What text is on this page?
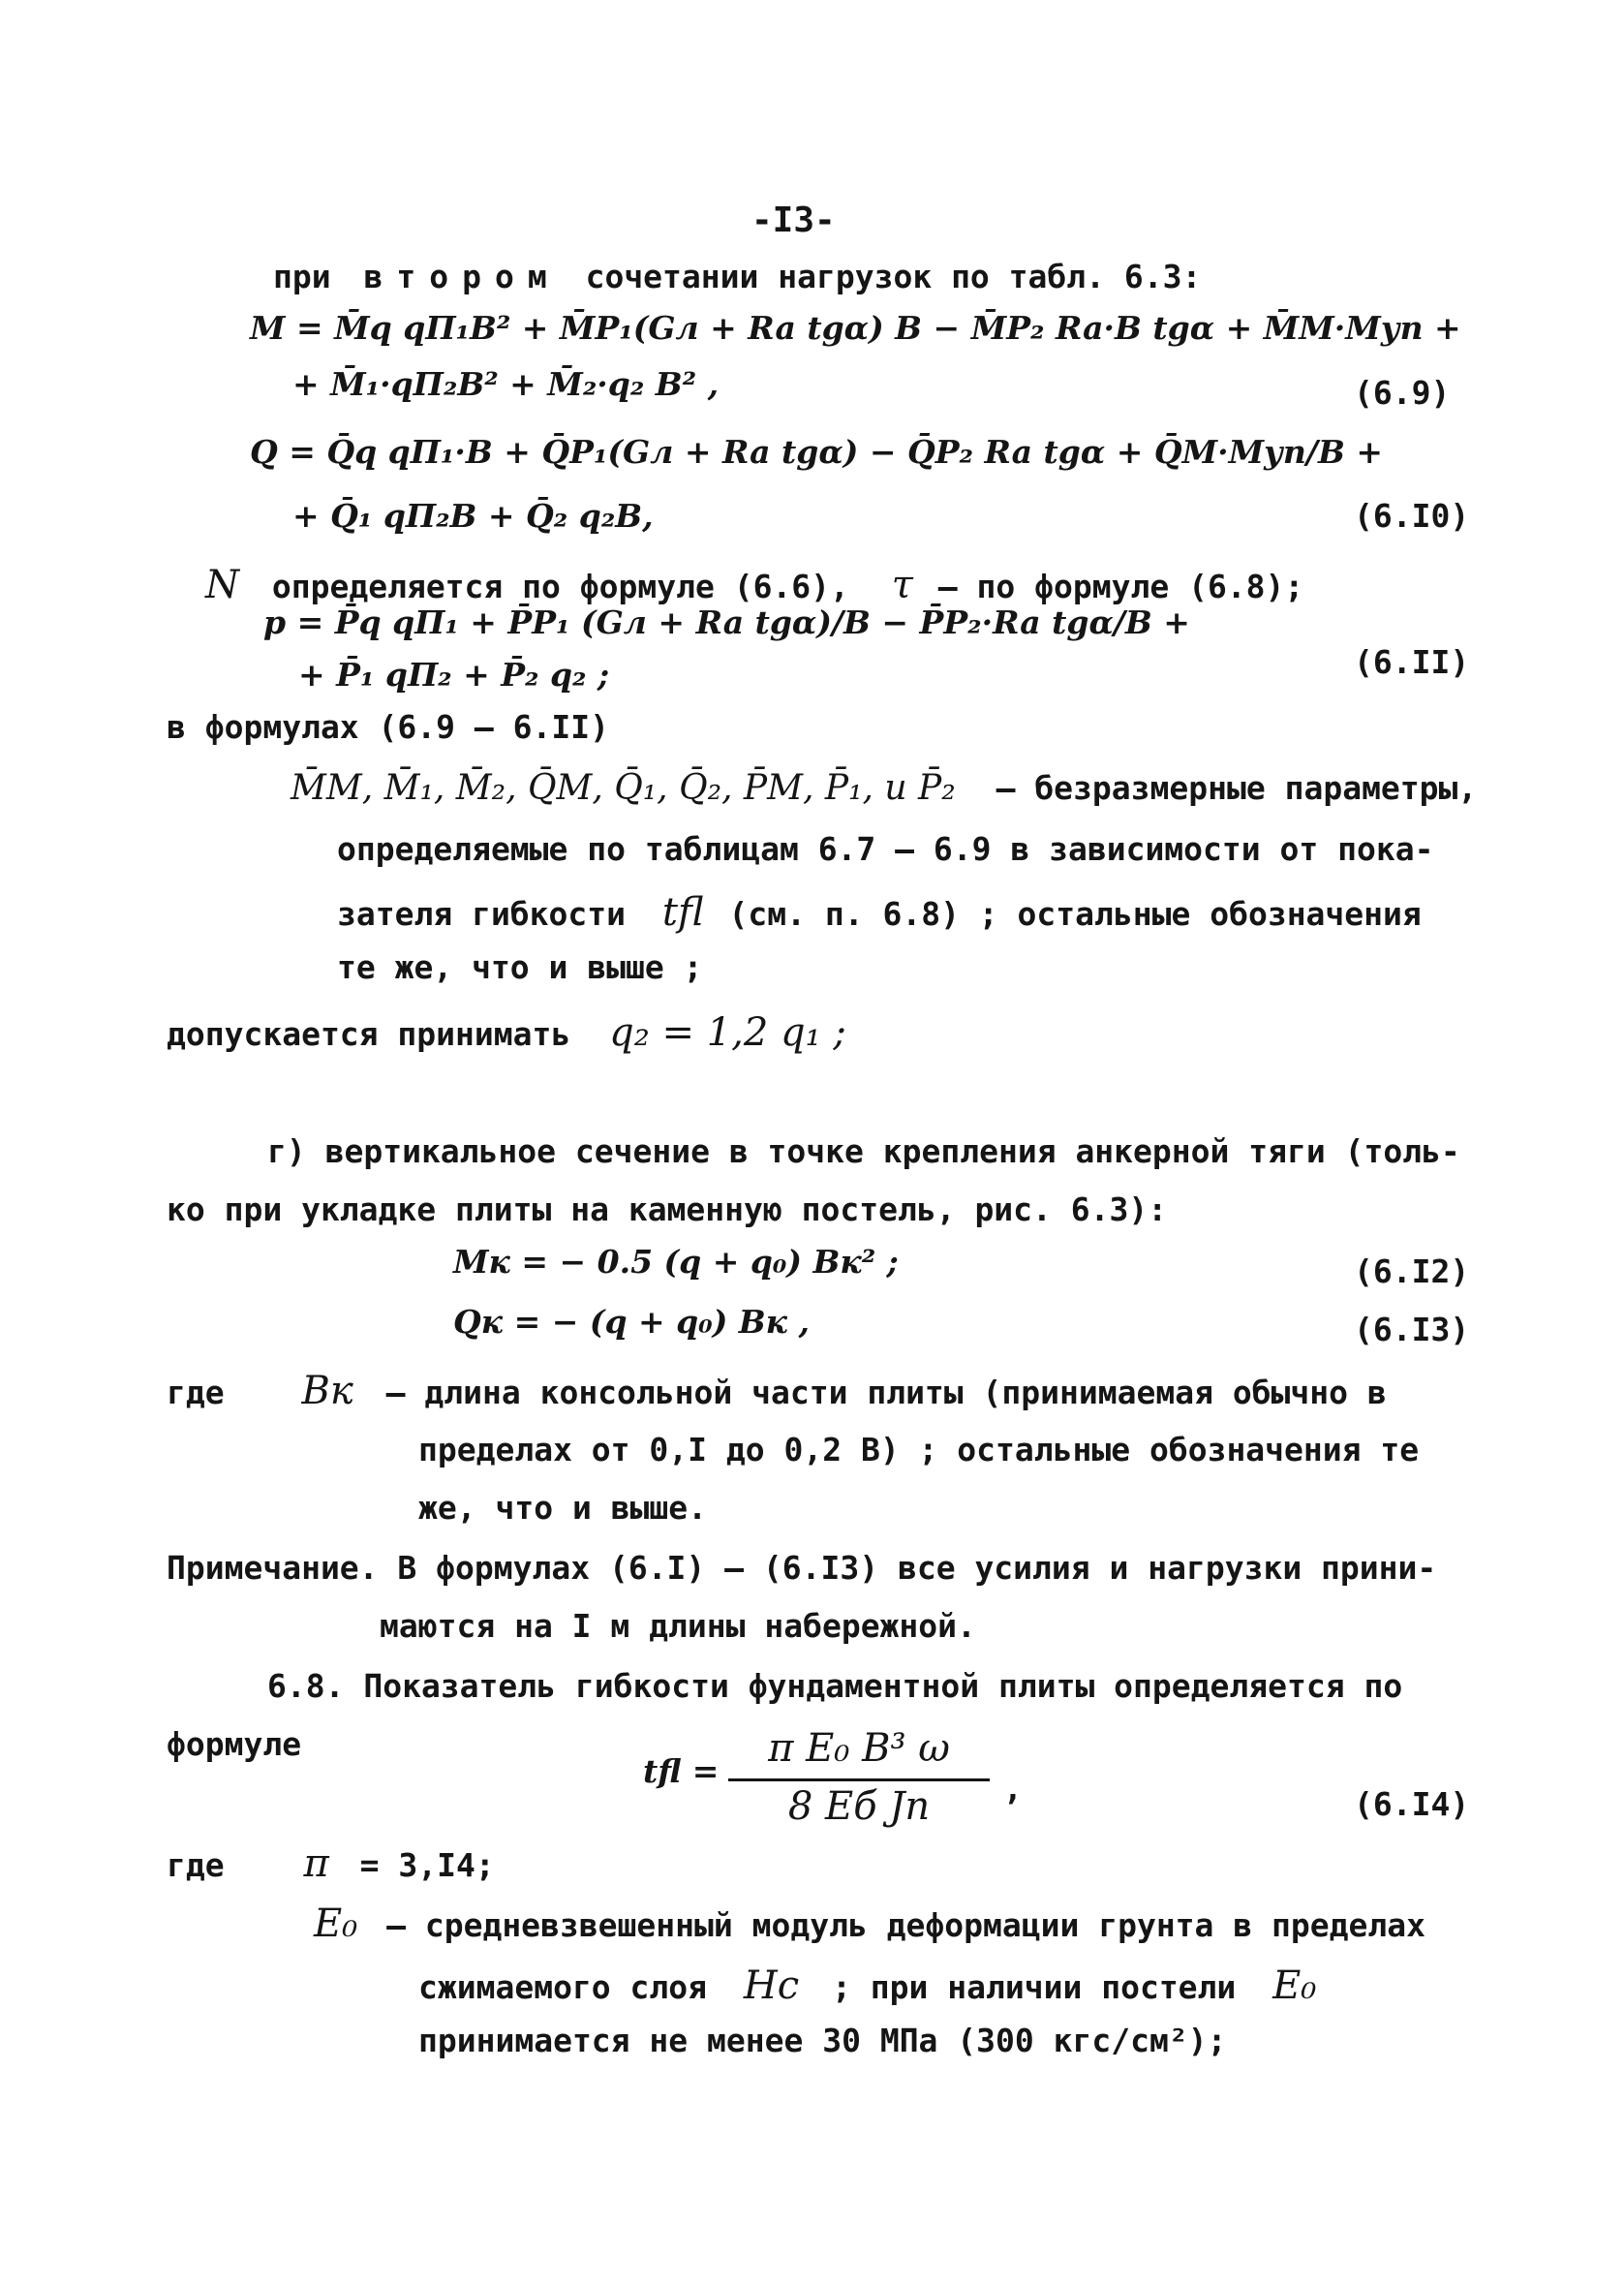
-I3-
при втором сочетании нагрузок по табл. 6.3:
M = M̄q qП₁B² + M̄P₁(Gл + Ra tgα) B − M̄P₂ Ra·B tgα + M̄M·Mуп +
+ M̄₁·qП₂B² + M̄₂·q₂ B² ,	(6.9)
Q = Q̄q qП₁·B + Q̄P₁(Gл + Ra tgα) − Q̄P₂ Ra tgα + Q̄M·Mуп/B +
+ Q̄₁ qП₂B + Q̄₂ q₂B,	(6.I0)
N определяется по формуле (6.6), τ – по формуле (6.8);
p = P̄q qП₁ + P̄P₁ (Gл + Ra tgα)/B − P̄P₂·Ra tgα/B +
+ P̄₁ qП₂ + P̄₂ q₂ ;	(6.II)
в формулах (6.9 – 6.II)
M̄M, M̄₁, M̄₂, Q̄M, Q̄₁, Q̄₂, P̄M, P̄₁, и P̄₂ – безразмерные параметры,
определяемые по таблицам 6.7 – 6.9 в зависимости от пока-
зателя гибкости tfl (см. п. 6.8) ; остальные обозначения
те же, что и выше ;
допускается принимать q₂ = 1,2 q₁ ;
г) вертикальное сечение в точке крепления анкерной тяги (толь-
ко при укладке плиты на каменную постель, рис. 6.3):
Mк = − 0.5 (q + q₀) Bк² ;	(6.I2)
Qк = − (q + q₀) Bк ,	(6.I3)
где Bк – длина консольной части плиты (принимаемая обычно в
пределах от 0,I до 0,2 B) ; остальные обозначения те
же, что и выше.
Примечание. В формулах (6.I) – (6.I3) все усилия и нагрузки прини-
маются на I м длины набережной.
6.8. Показатель гибкости фундаментной плиты определяется по
формуле
tfl =
π E₀ B³ ω
8 Eб Jп	,	(6.I4)
где π = 3,I4;
E₀ – средневзвешенный модуль деформации грунта в пределах
сжимаемого слоя Hc ; при наличии постели E₀
принимается не менее 30 МПа (300 кгс/см²);
